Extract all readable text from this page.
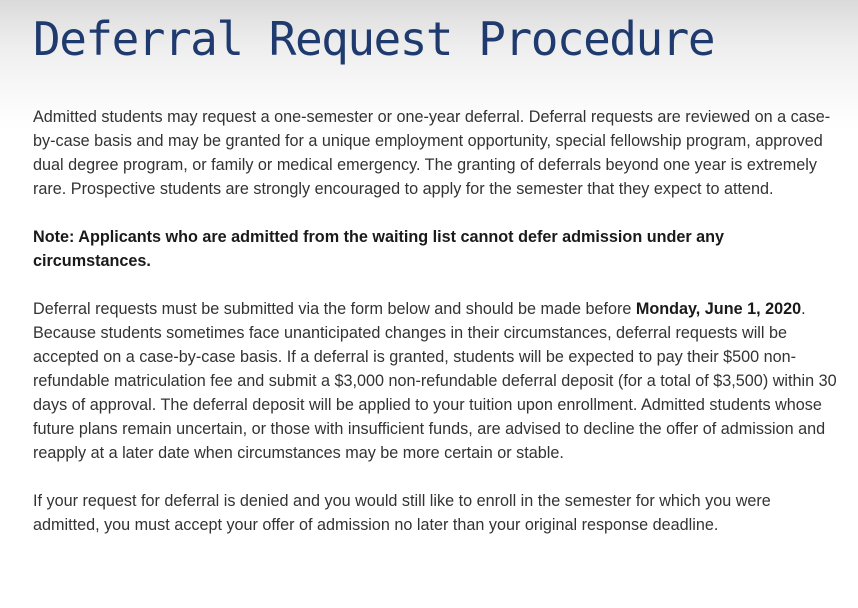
Deferral Request Procedure

Admitted students may request a one-semester or one-year deferral. Deferral requests are reviewed on a case-by-case basis and may be granted for a unique employment opportunity, special fellowship program, approved dual degree program, or family or medical emergency. The granting of deferrals beyond one year is extremely rare. Prospective students are strongly encouraged to apply for the semester that they expect to attend.

Note: Applicants who are admitted from the waiting list cannot defer admission under any circumstances.

Deferral requests must be submitted via the form below and should be made before Monday, June 1, 2020. Because students sometimes face unanticipated changes in their circumstances, deferral requests will be accepted on a case-by-case basis. If a deferral is granted, students will be expected to pay their $500 non-refundable matriculation fee and submit a $3,000 non-refundable deferral deposit (for a total of $3,500) within 30 days of approval. The deferral deposit will be applied to your tuition upon enrollment. Admitted students whose future plans remain uncertain, or those with insufficient funds, are advised to decline the offer of admission and reapply at a later date when circumstances may be more certain or stable.

If your request for deferral is denied and you would still like to enroll in the semester for which you were admitted, you must accept your offer of admission no later than your original response deadline.
